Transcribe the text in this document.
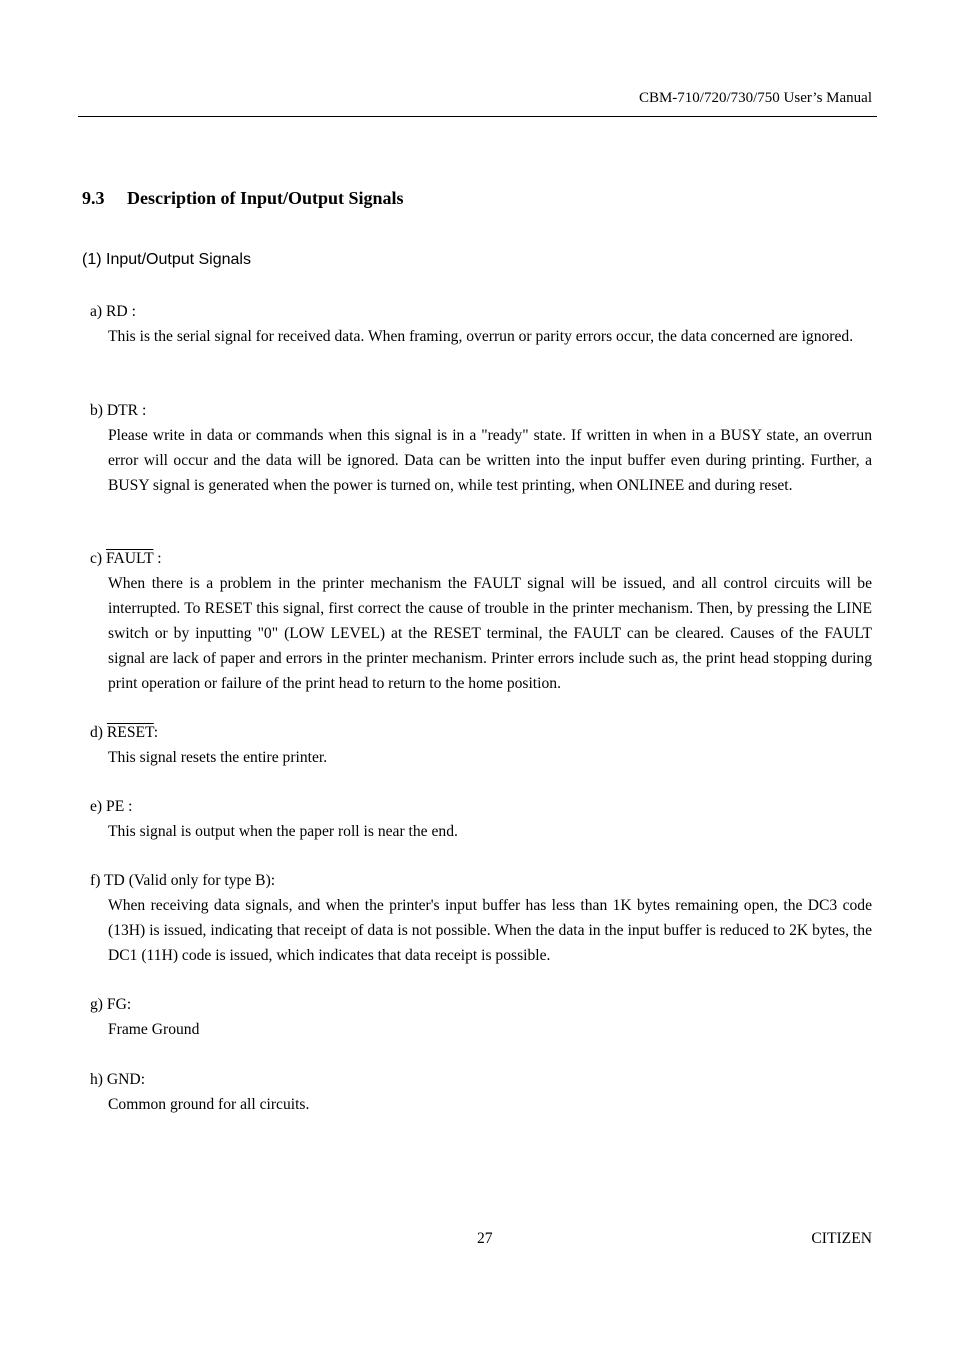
CBM-710/720/730/750 User’s Manual
9.3 Description of Input/Output Signals
(1) Input/Output Signals
a) RD :
This is the serial signal for received data. When framing, overrun or parity errors occur, the data concerned are ignored.
b) DTR :
Please write in data or commands when this signal is in a "ready" state. If written in when in a BUSY state, an overrun error will occur and the data will be ignored. Data can be written into the input buffer even during printing. Further, a BUSY signal is generated when the power is turned on, while test printing, when ONLINEE and during reset.
c) FAULT :
When there is a problem in the printer mechanism the FAULT signal will be issued, and all control circuits will be interrupted. To RESET this signal, first correct the cause of trouble in the printer mechanism. Then, by pressing the LINE switch or by inputting "0" (LOW LEVEL) at the RESET terminal, the FAULT can be cleared. Causes of the FAULT signal are lack of paper and errors in the printer mechanism. Printer errors include such as, the print head stopping during print operation or failure of the print head to return to the home position.
d) RESET:
This signal resets the entire printer.
e) PE :
This signal is output when the paper roll is near the end.
f) TD (Valid only for type B):
When receiving data signals, and when the printer's input buffer has less than 1K bytes remaining open, the DC3 code (13H) is issued, indicating that receipt of data is not possible. When the data in the input buffer is reduced to 2K bytes, the DC1 (11H) code is issued, which indicates that data receipt is possible.
g) FG:
Frame Ground
h) GND:
Common ground for all circuits.
27	CITIZEN
